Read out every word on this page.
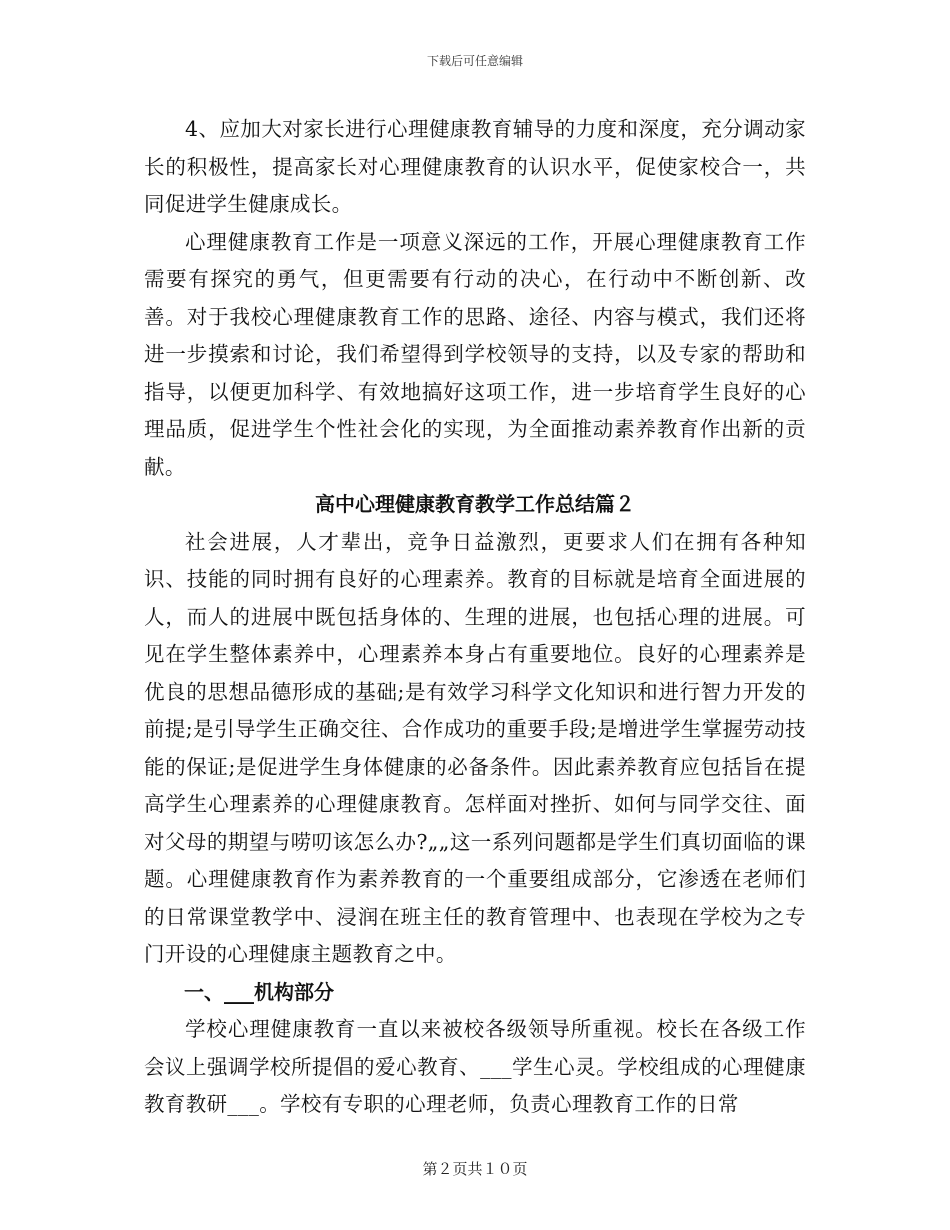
下载后可任意编辑

4、应加大对家长进行心理健康教育辅导的力度和深度，充分调动家长的积极性，提高家长对心理健康教育的认识水平，促使家校合一，共同促进学生健康成长。

心理健康教育工作是一项意义深远的工作，开展心理健康教育工作需要有探究的勇气，但更需要有行动的决心，在行动中不断创新、改善。对于我校心理健康教育工作的思路、途径、内容与模式，我们还将进一步摸索和讨论，我们希望得到学校领导的支持，以及专家的帮助和指导，以便更加科学、有效地搞好这项工作，进一步培育学生良好的心理品质，促进学生个性社会化的实现，为全面推动素养教育作出新的贡献。

高中心理健康教育教学工作总结篇２

社会进展，人才辈出，竞争日益激烈，更要求人们在拥有各种知识、技能的同时拥有良好的心理素养。教育的目标就是培育全面进展的人，而人的进展中既包括身体的、生理的进展，也包括心理的进展。可见在学生整体素养中，心理素养本身占有重要地位。良好的心理素养是优良的思想品德形成的基础;是有效学习科学文化知识和进行智力开发的前提;是引导学生正确交往、合作成功的重要手段;是增进学生掌握劳动技能的保证;是促进学生身体健康的必备条件。因此素养教育应包括旨在提高学生心理素养的心理健康教育。怎样面对挫折、如何与同学交往、面对父母的期望与唠叨该怎么办?„„这一系列问题都是学生们真切面临的课题。心理健康教育作为素养教育的一个重要组成部分，它渗透在老师们的日常课堂教学中、浸润在班主任的教育管理中、也表现在学校为之专门开设的心理健康主题教育之中。

一、___机构部分

学校心理健康教育一直以来被校各级领导所重视。校长在各级工作会议上强调学校所提倡的爱心教育、___学生心灵。学校组成的心理健康教育教研___。学校有专职的心理老师，负责心理教育工作的日常

第２页共１０页
